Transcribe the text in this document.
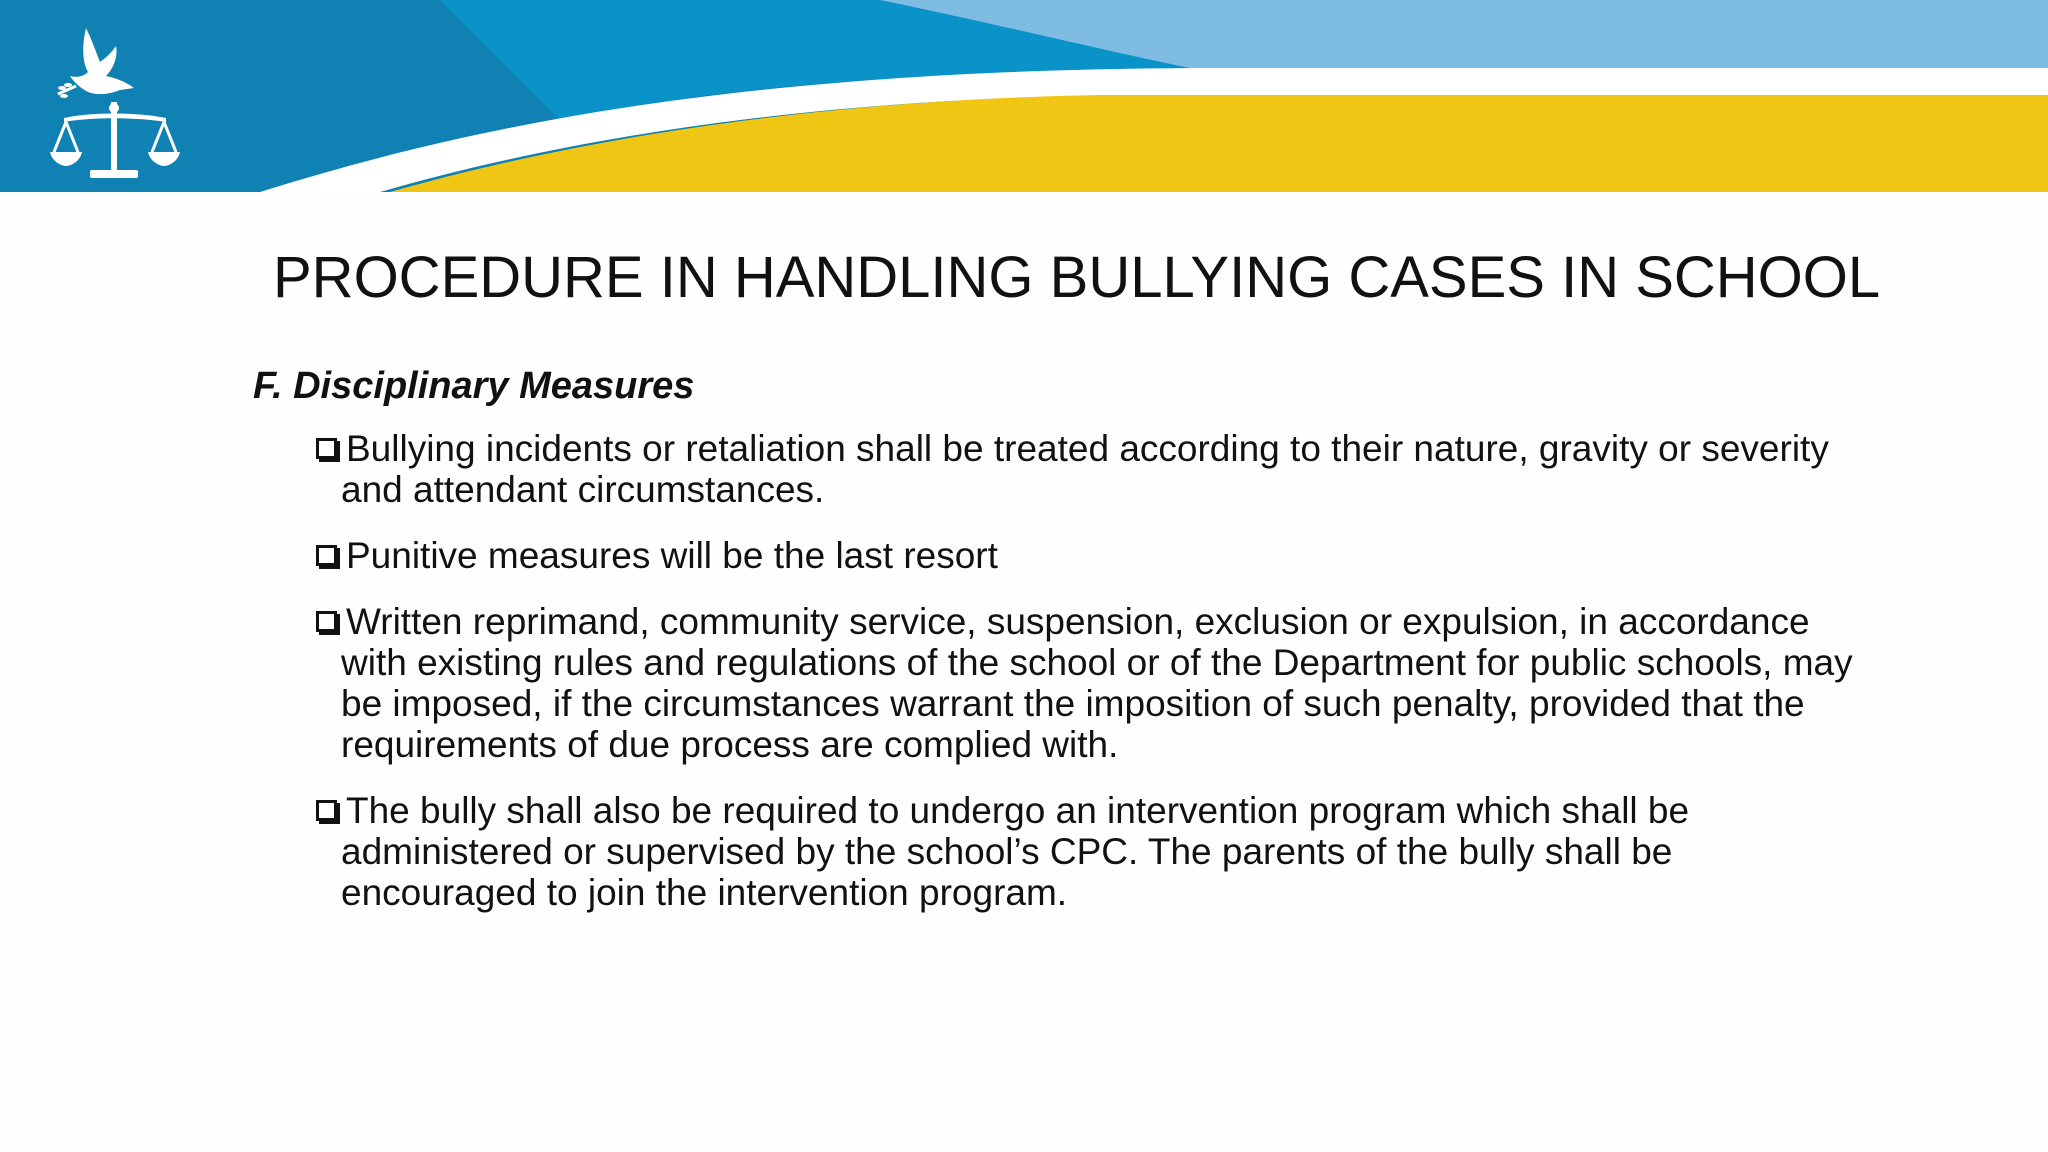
PROCEDURE IN HANDLING BULLYING CASES IN SCHOOL
F. Disciplinary Measures
Bullying incidents or retaliation shall be treated according to their nature, gravity or severity and attendant circumstances.
Punitive measures will be the last resort
Written reprimand, community service, suspension, exclusion or expulsion, in accordance with existing rules and regulations of the school or of the Department for public schools, may be imposed, if the circumstances warrant the imposition of such penalty, provided that the requirements of due process are complied with.
The bully shall also be required to undergo an intervention program which shall be administered or supervised by the school’s CPC. The parents of the bully shall be encouraged to join the intervention program.
